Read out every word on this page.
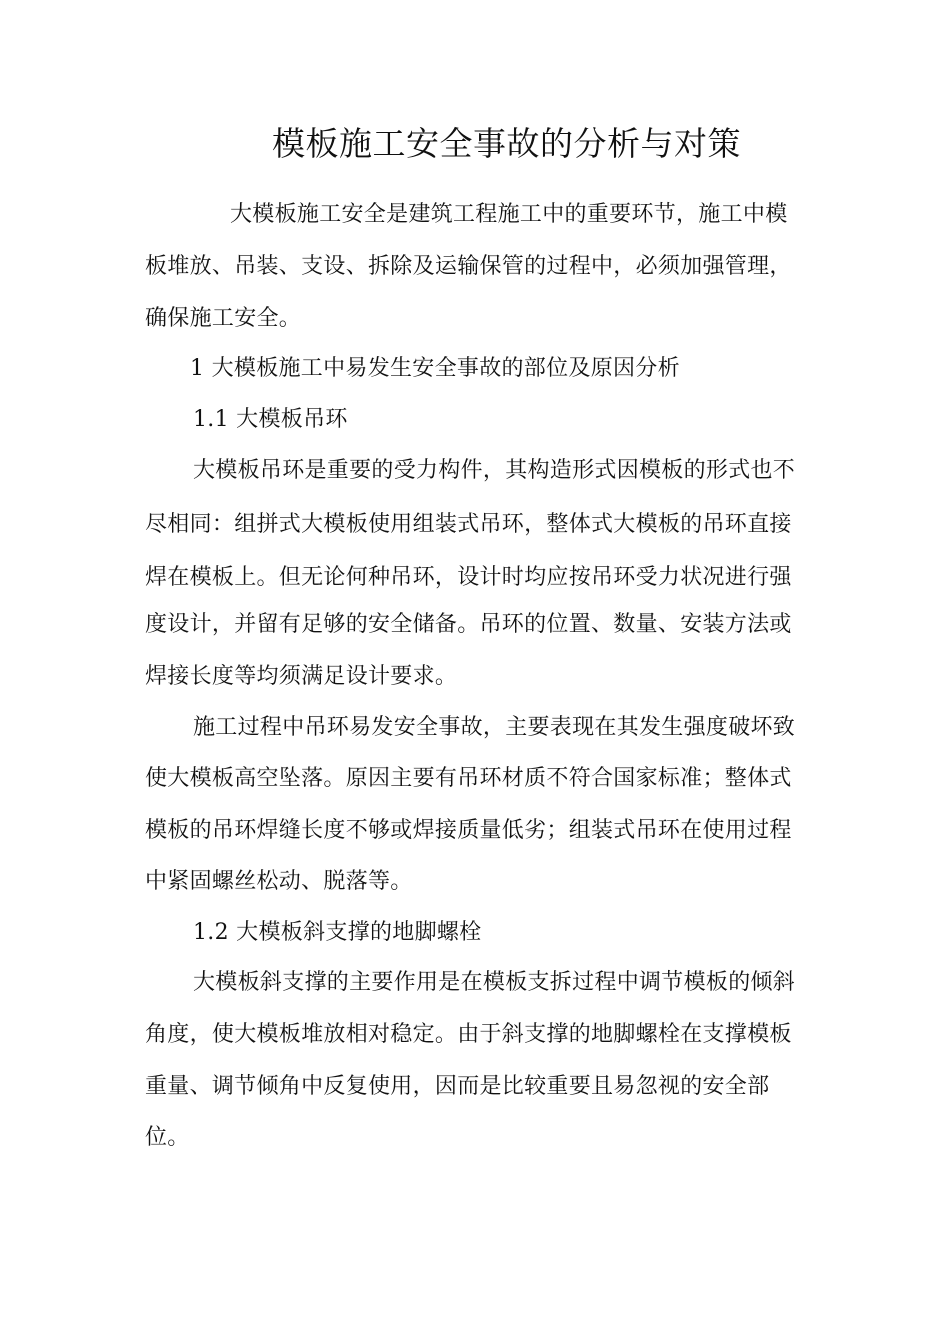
模板施工安全事故的分析与对策
大模板施工安全是建筑工程施工中的重要环节，施工中模
板堆放、吊装、支设、拆除及运输保管的过程中，必须加强管理，
确保施工安全。
1 大模板施工中易发生安全事故的部位及原因分析
1.1 大模板吊环
大模板吊环是重要的受力构件，其构造形式因模板的形式也不
尽相同：组拼式大模板使用组装式吊环，整体式大模板的吊环直接
焊在模板上。但无论何种吊环，设计时均应按吊环受力状况进行强
度设计，并留有足够的安全储备。吊环的位置、数量、安装方法或
焊接长度等均须满足设计要求。
施工过程中吊环易发安全事故，主要表现在其发生强度破坏致
使大模板高空坠落。原因主要有吊环材质不符合国家标准；整体式
模板的吊环焊缝长度不够或焊接质量低劣；组装式吊环在使用过程
中紧固螺丝松动、脱落等。
1.2 大模板斜支撑的地脚螺栓
大模板斜支撑的主要作用是在模板支拆过程中调节模板的倾斜
角度，使大模板堆放相对稳定。由于斜支撑的地脚螺栓在支撑模板
重量、调节倾角中反复使用，因而是比较重要且易忽视的安全部
位。
